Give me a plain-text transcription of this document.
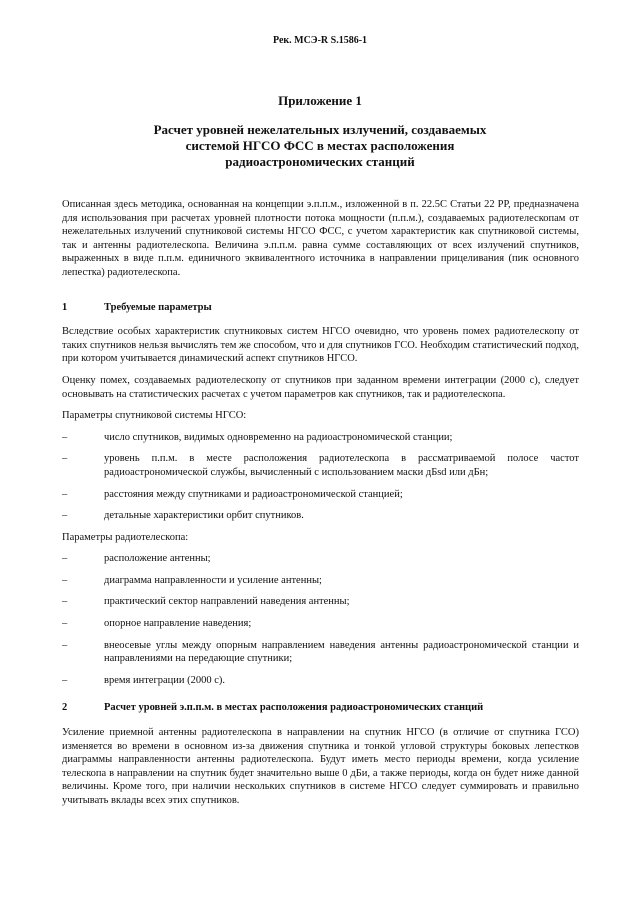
Рек. МСЭ-R S.1586-1
Приложение 1
Расчет уровней нежелательных излучений, создаваемых
системой НГСО ФСС в местах расположения
радиоастрономических станций

Описанная здесь методика, основанная на концепции э.п.п.м., изложенной в п. 22.5С Статьи 22 РР, предназначена для использования при расчетах уровней плотности потока мощности (п.п.м.), создаваемых радиотелескопам от нежелательных излучений спутниковой системы НГСО ФСС, с учетом характеристик как спутниковой системы, так и антенны радиотелескопа. Величина э.п.п.м. равна сумме составляющих от всех излучений спутников, выраженных в виде п.п.м. единичного эквивалентного источника в направлении прицеливания (пик основного лепестка) радиотелескопа.

1	Требуемые параметры

Вследствие особых характеристик спутниковых систем НГСО очевидно, что уровень помех радиотелескопу от таких спутников нельзя вычислять тем же способом, что и для спутников ГСО. Необходим статистический подход, при котором учитывается динамический аспект спутников НГСО.

Оценку помех, создаваемых радиотелескопу от спутников при заданном времени интеграции (2000 с), следует основывать на статистических расчетах с учетом параметров как спутников, так и радиотелескопа.

Параметры спутниковой системы НГСО:

–	число спутников, видимых одновременно на радиоастрономической станции;
–	уровень п.п.м. в месте расположения радиотелескопа в рассматриваемой полосе частот радиоастрономической службы, вычисленный с использованием маски дБsd или дБн;
–	расстояния между спутниками и радиоастрономической станцией;
–	детальные характеристики орбит спутников.

Параметры радиотелескопа:

–	расположение антенны;
–	диаграмма направленности и усиление антенны;
–	практический сектор направлений наведения антенны;
–	опорное направление наведения;
–	внеосевые углы между опорным направлением наведения антенны радиоастрономической станции и направлениями на передающие спутники;
–	время интеграции (2000 с).
2	Расчет уровней э.п.п.м. в местах расположения радиоастрономических станций

Усиление приемной антенны радиотелескопа в направлении на спутник НГСО (в отличие от спутника ГСО) изменяется во времени в основном из-за движения спутника и тонкой угловой структуры боковых лепестков диаграммы направленности антенны радиотелескопа. Будут иметь место периоды времени, когда усиление телескопа в направлении на спутник будет значительно выше 0 дБи, а также периоды, когда он будет ниже данной величины. Кроме того, при наличии нескольких спутников в системе НГСО следует суммировать и правильно учитывать вклады всех этих спутников.
